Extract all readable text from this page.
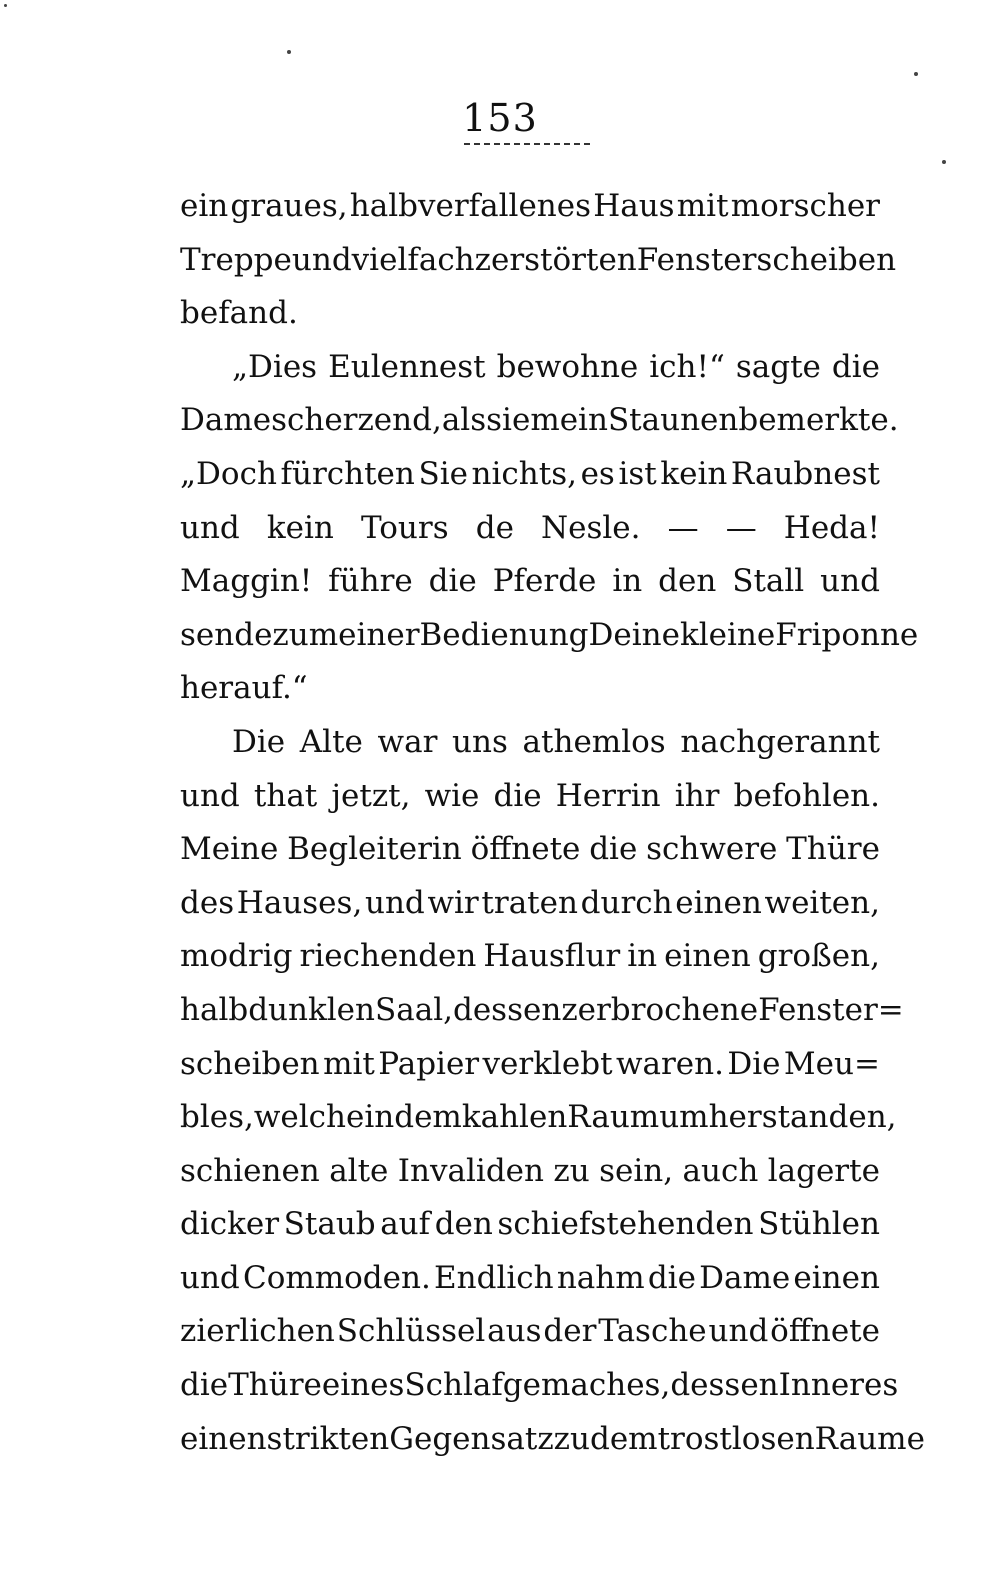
153
ein graues, halbverfallenes Haus mit morscher
Treppe und vielfach zerstörten Fensterscheiben
befand.
„Dies Eulennest bewohne ich!“ sagte die
Dame scherzend, als sie mein Staunen bemerkte.
„Doch fürchten Sie nichts, es ist kein Raubnest
und kein Tours de Nesle. — — Heda!
Maggin! führe die Pferde in den Stall und
sende zu meiner Bedienung Deine kleine Friponne
herauf.“
Die Alte war uns athemlos nachgerannt
und that jetzt, wie die Herrin ihr befohlen.
Meine Begleiterin öffnete die schwere Thüre
des Hauses, und wir traten durch einen weiten,
modrig riechenden Hausflur in einen großen,
halbdunklen Saal, dessen zerbrochene Fenster=
scheiben mit Papier verklebt waren. Die Meu=
bles, welche in dem kahlen Raum umherstanden,
schienen alte Invaliden zu sein, auch lagerte
dicker Staub auf den schiefstehenden Stühlen
und Commoden. Endlich nahm die Dame einen
zierlichen Schlüssel aus der Tasche und öffnete
die Thüre eines Schlafgemaches, dessen Inneres
einen strikten Gegensatz zu dem trostlosen Raume
